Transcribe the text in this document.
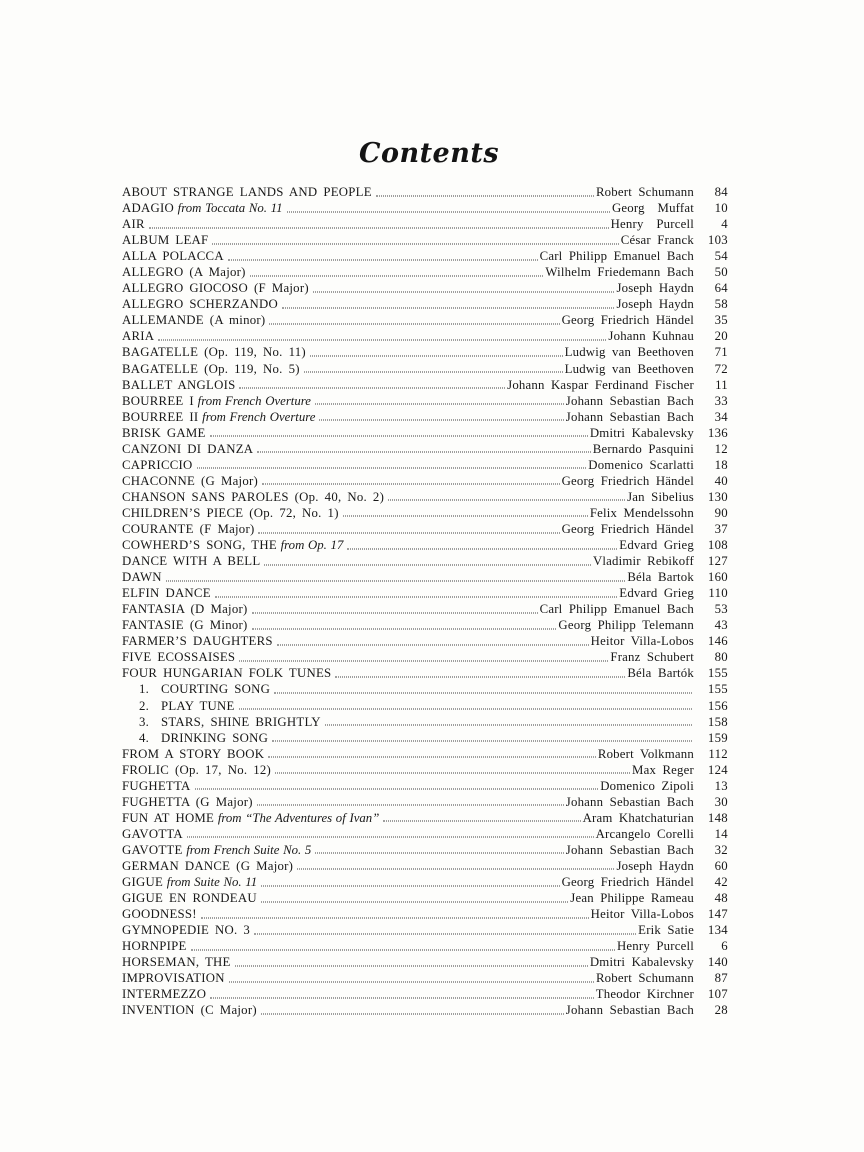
Contents
ABOUT STRANGE LANDS AND PEOPLE	Robert Schumann	84
ADAGIO from Toccata No. 11	Georg  Muffat	10
AIR	Henry  Purcell	4
ALBUM LEAF	César Franck	103
ALLA POLACCA	Carl Philipp Emanuel Bach	54
ALLEGRO (A Major)	Wilhelm Friedemann Bach	50
ALLEGRO GIOCOSO (F Major)	Joseph Haydn	64
ALLEGRO SCHERZANDO	Joseph Haydn	58
ALLEMANDE (A minor)	Georg Friedrich Händel	35
ARIA	Johann Kuhnau	20
BAGATELLE (Op. 119, No. 11)	Ludwig van Beethoven	71
BAGATELLE (Op. 119, No. 5)	Ludwig van Beethoven	72
BALLET ANGLOIS	Johann Kaspar Ferdinand Fischer	11
BOURREE I from French Overture	Johann Sebastian Bach	33
BOURREE II from French Overture	Johann Sebastian Bach	34
BRISK GAME	Dmitri Kabalevsky	136
CANZONI DI DANZA	Bernardo Pasquini	12
CAPRICCIO	Domenico Scarlatti	18
CHACONNE (G Major)	Georg Friedrich Händel	40
CHANSON SANS PAROLES (Op. 40, No. 2)	Jan Sibelius	130
CHILDREN’S PIECE (Op. 72, No. 1)	Felix Mendelssohn	90
COURANTE (F Major)	Georg Friedrich Händel	37
COWHERD’S SONG, THE from Op. 17	Edvard Grieg	108
DANCE WITH A BELL	Vladimir Rebikoff	127
DAWN	Béla Bartok	160
ELFIN DANCE	Edvard Grieg	110
FANTASIA (D Major)	Carl Philipp Emanuel Bach	53
FANTASIE (G Minor)	Georg Philipp Telemann	43
FARMER’S DAUGHTERS	Heitor Villa-Lobos	146
FIVE ECOSSAISES	Franz Schubert	80
FOUR HUNGARIAN FOLK TUNES	Béla Bartók	155
1. COURTING SONG	155
2. PLAY TUNE	156
3. STARS, SHINE BRIGHTLY	158
4. DRINKING SONG	159
FROM A STORY BOOK	Robert Volkmann	112
FROLIC (Op. 17, No. 12)	Max Reger	124
FUGHETTA	Domenico Zipoli	13
FUGHETTA (G Major)	Johann Sebastian Bach	30
FUN AT HOME from “The Adventures of Ivan”	Aram Khatchaturian	148
GAVOTTA	Arcangelo Corelli	14
GAVOTTE from French Suite No. 5	Johann Sebastian Bach	32
GERMAN DANCE (G Major)	Joseph Haydn	60
GIGUE from Suite No. 11	Georg Friedrich Händel	42
GIGUE EN RONDEAU	Jean Philippe Rameau	48
GOODNESS!	Heitor Villa-Lobos	147
GYMNOPEDIE NO. 3	Erik Satie	134
HORNPIPE	Henry Purcell	6
HORSEMAN, THE	Dmitri Kabalevsky	140
IMPROVISATION	Robert Schumann	87
INTERMEZZO	Theodor Kirchner	107
INVENTION (C Major)	Johann Sebastian Bach	28
